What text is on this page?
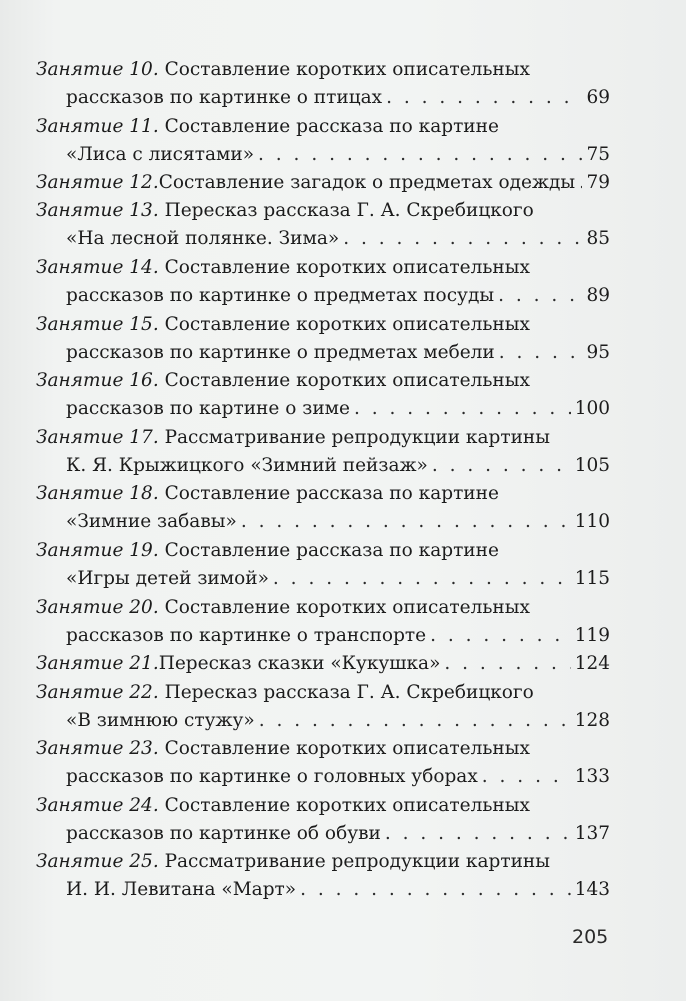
Занятие 10. Составление коротких описательных
рассказов по картинке о птицах . . .	69
Занятие 11. Составление рассказа по картине
«Лиса с лисятами» . . .	75
Занятие 12. Составление загадок о предметах одежды . . . 79
Занятие 13. Пересказ рассказа Г. А. Скребицкого
«На лесной полянке. Зима» . . .	85
Занятие 14. Составление коротких описательных
рассказов по картинке о предметах посуды . . .	89
Занятие 15. Составление коротких описательных
рассказов по картинке о предметах мебели . . .	95
Занятие 16. Составление коротких описательных
рассказов по картине о зиме . . .	100
Занятие 17. Рассматривание репродукции картины
К. Я. Крыжицкого «Зимний пейзаж» . . .	105
Занятие 18. Составление рассказа по картине
«Зимние забавы» . . .	110
Занятие 19. Составление рассказа по картине
«Игры детей зимой» . . .	115
Занятие 20. Составление коротких описательных
рассказов по картинке о транспорте . . .	119
Занятие 21. Пересказ сказки «Кукушка» . . .	124
Занятие 22. Пересказ рассказа Г. А. Скребицкого
«В зимнюю стужу» . . .	128
Занятие 23. Составление коротких описательных
рассказов по картинке о головных уборах . . .	133
Занятие 24. Составление коротких описательных
рассказов по картинке об обуви . . .	137
Занятие 25. Рассматривание репродукции картины
И. И. Левитана «Март» . . .	143
205
